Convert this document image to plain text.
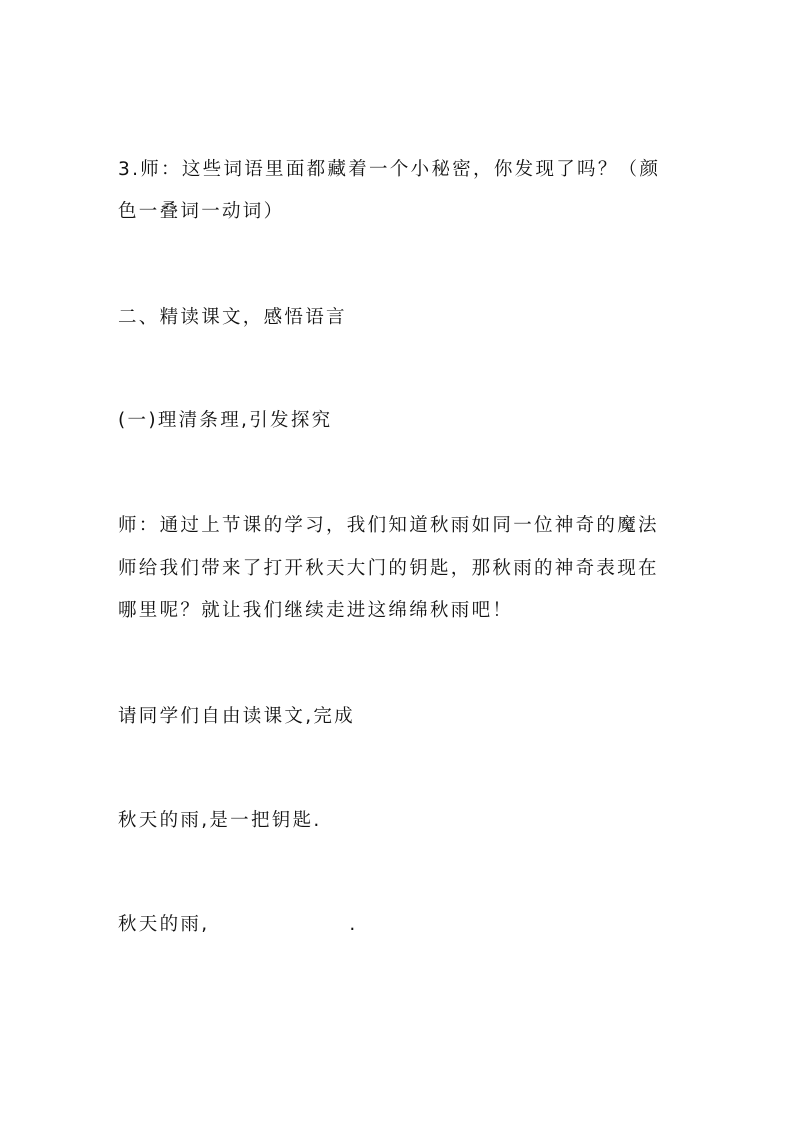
3.师：这些词语里面都藏着一个小秘密，你发现了吗？（颜

色一叠词一动词）

二、精读课文，感悟语言

(一)理清条理,引发探究

师：通过上节课的学习，我们知道秋雨如同一位神奇的魔法

师给我们带来了打开秋天大门的钥匙，那秋雨的神奇表现在

哪里呢？就让我们继续走进这绵绵秋雨吧！

请同学们自由读课文,完成

秋天的雨,是一把钥匙.

秋天的雨,	.
